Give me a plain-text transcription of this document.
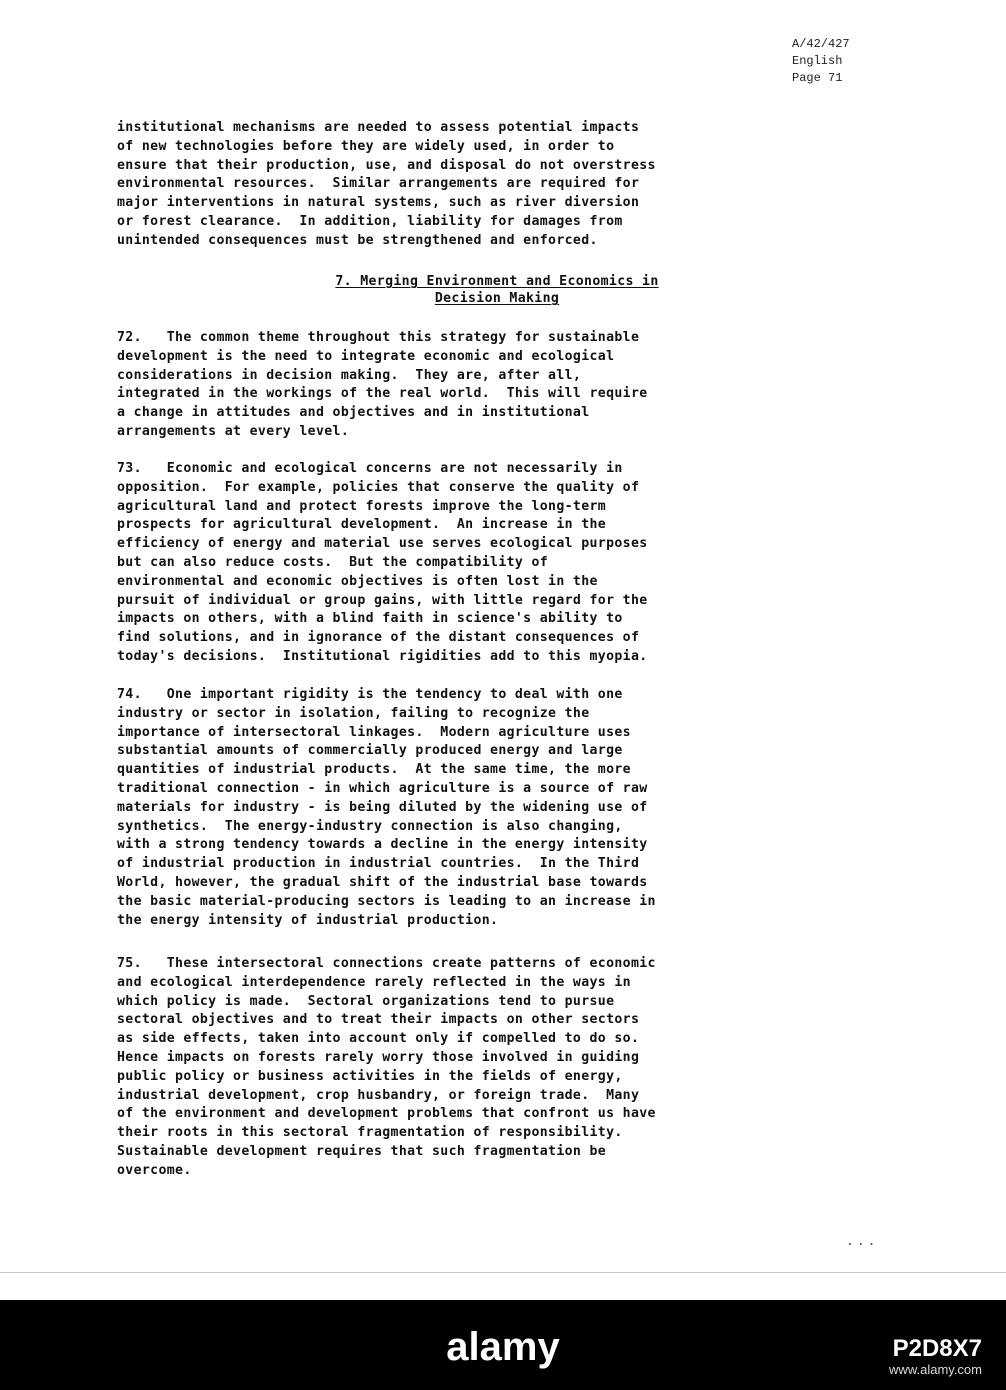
A/42/427
English
Page 71
institutional mechanisms are needed to assess potential impacts
of new technologies before they are widely used, in order to
ensure that their production, use, and disposal do not overstress
environmental resources.  Similar arrangements are required for
major interventions in natural systems, such as river diversion
or forest clearance.  In addition, liability for damages from
unintended consequences must be strengthened and enforced.
7. Merging Environment and Economics in
Decision Making
72.   The common theme throughout this strategy for sustainable
development is the need to integrate economic and ecological
considerations in decision making.  They are, after all,
integrated in the workings of the real world.  This will require
a change in attitudes and objectives and in institutional
arrangements at every level.
73.   Economic and ecological concerns are not necessarily in
opposition.  For example, policies that conserve the quality of
agricultural land and protect forests improve the long-term
prospects for agricultural development.  An increase in the
efficiency of energy and material use serves ecological purposes
but can also reduce costs.  But the compatibility of
environmental and economic objectives is often lost in the
pursuit of individual or group gains, with little regard for the
impacts on others, with a blind faith in science's ability to
find solutions, and in ignorance of the distant consequences of
today's decisions.  Institutional rigidities add to this myopia.
74.   One important rigidity is the tendency to deal with one
industry or sector in isolation, failing to recognize the
importance of intersectoral linkages.  Modern agriculture uses
substantial amounts of commercially produced energy and large
quantities of industrial products.  At the same time, the more
traditional connection - in which agriculture is a source of raw
materials for industry - is being diluted by the widening use of
synthetics.  The energy-industry connection is also changing,
with a strong tendency towards a decline in the energy intensity
of industrial production in industrial countries.  In the Third
World, however, the gradual shift of the industrial base towards
the basic material-producing sectors is leading to an increase in
the energy intensity of industrial production.
75.   These intersectoral connections create patterns of economic
and ecological interdependence rarely reflected in the ways in
which policy is made.  Sectoral organizations tend to pursue
sectoral objectives and to treat their impacts on other sectors
as side effects, taken into account only if compelled to do so.
Hence impacts on forests rarely worry those involved in guiding
public policy or business activities in the fields of energy,
industrial development, crop husbandry, or foreign trade.  Many
of the environment and development problems that confront us have
their roots in this sectoral fragmentation of responsibility.
Sustainable development requires that such fragmentation be
overcome.
...
alamy	P2D8X7
www.alamy.com
